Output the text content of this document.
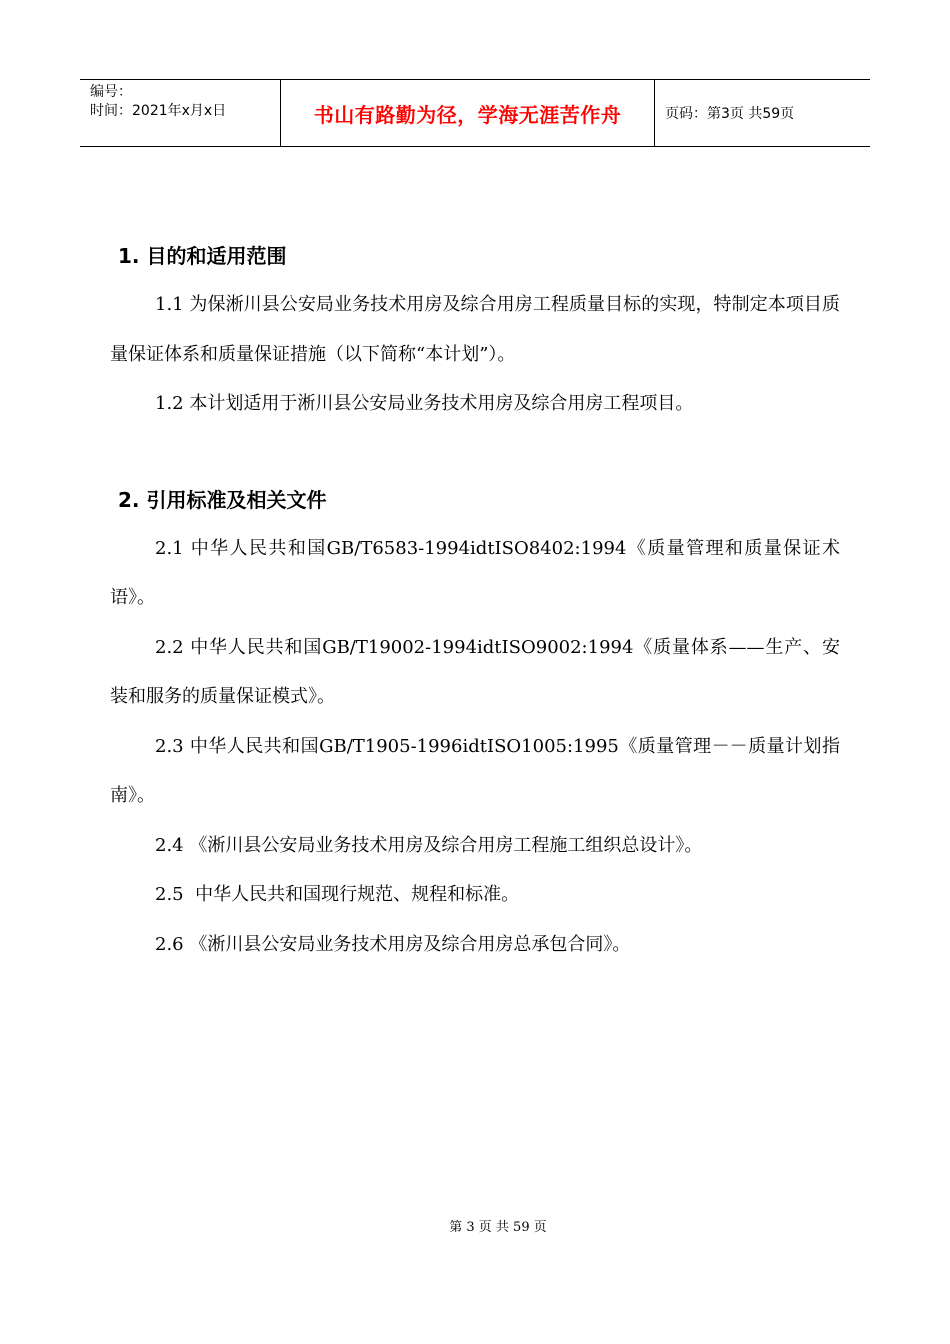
编号：
时间：2021年x月x日	书山有路勤为径，学海无涯苦作舟	页码：第3页 共59页
1. 目的和适用范围

1.1 为保淅川县公安局业务技术用房及综合用房工程质量目标的实现，特制定本项目质量保证体系和质量保证措施（以下简称“本计划”）。

1.2 本计划适用于淅川县公安局业务技术用房及综合用房工程项目。

2. 引用标准及相关文件

2.1 中华人民共和国GB/T6583-1994idtISO8402:1994《质量管理和质量保证术语》。

2.2 中华人民共和国GB/T19002-1994idtISO9002:1994《质量体系——生产、安装和服务的质量保证模式》。

2.3 中华人民共和国GB/T1905-1996idtISO1005:1995《质量管理－－质量计划指南》。

2.4 《淅川县公安局业务技术用房及综合用房工程施工组织总设计》。

2.5  中华人民共和国现行规范、规程和标准。

2.6 《淅川县公安局业务技术用房及综合用房总承包合同》。

第 3 页 共 59 页
